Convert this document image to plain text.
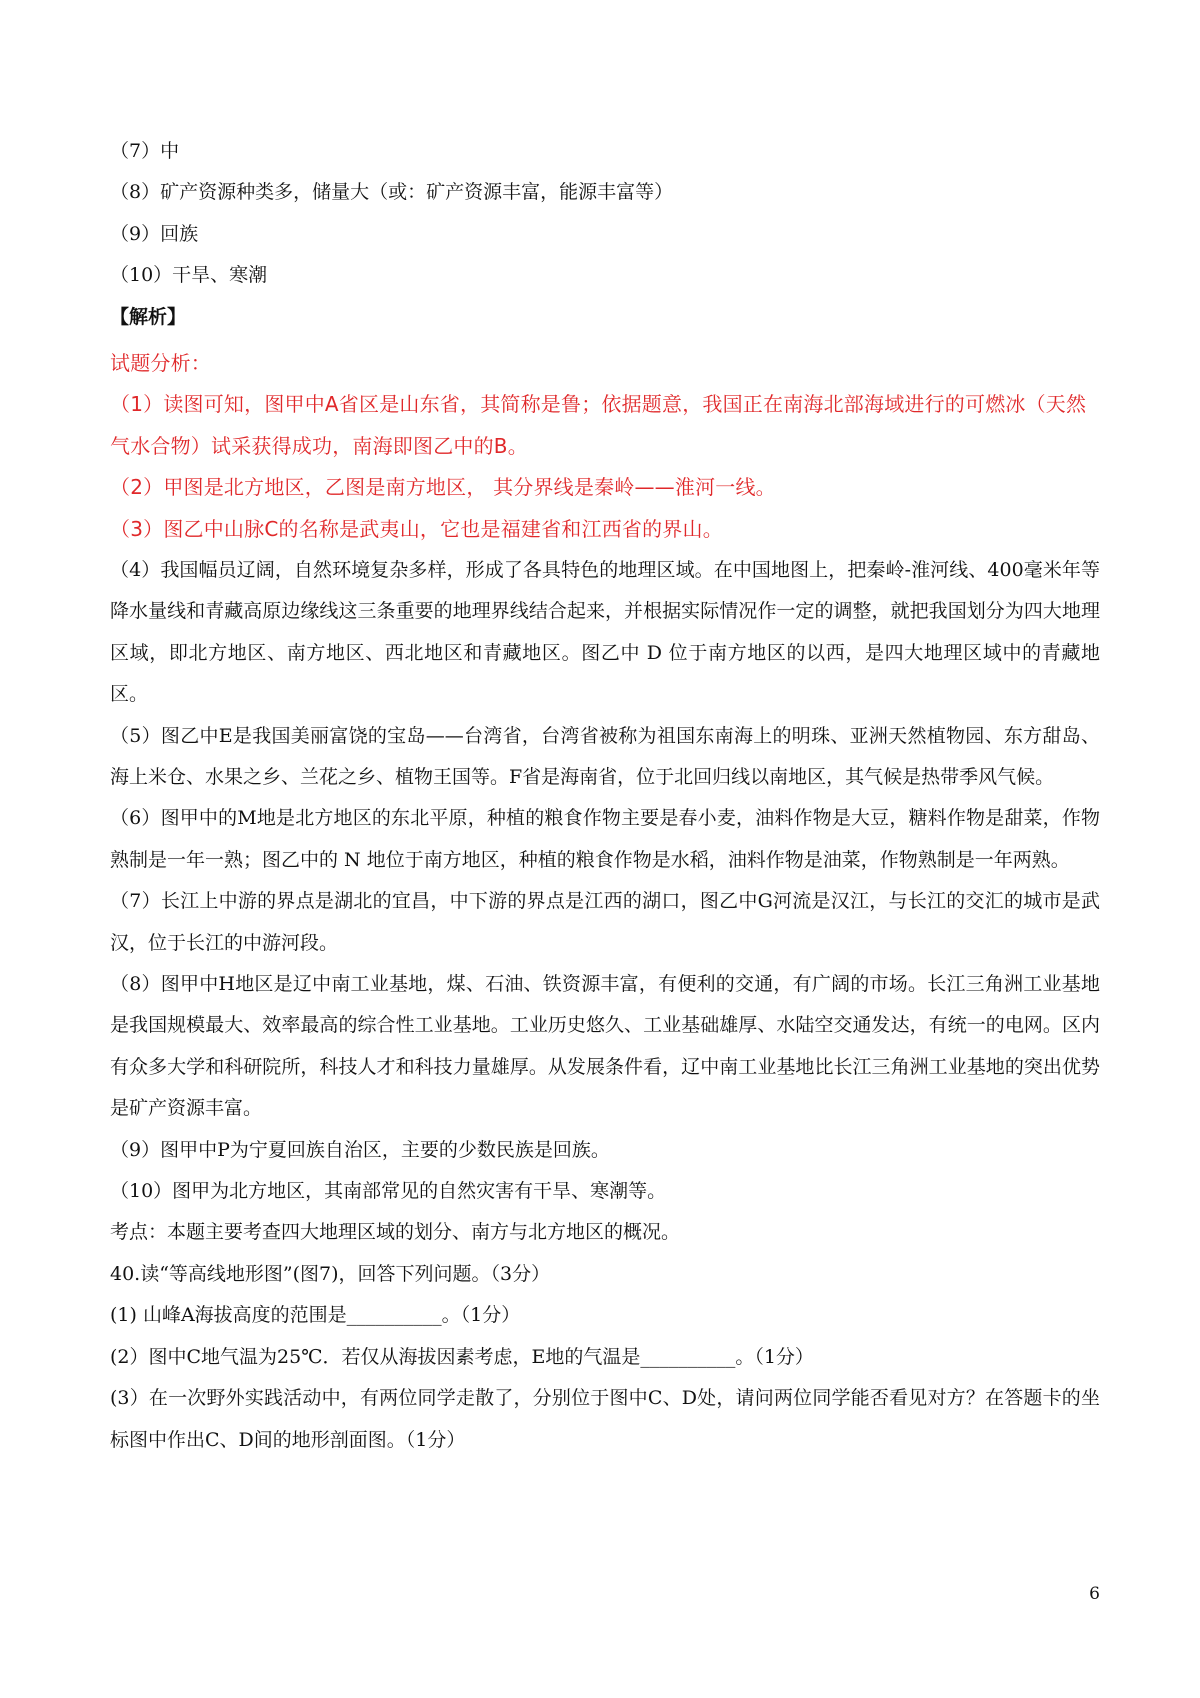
（7）中

（8）矿产资源种类多，储量大（或：矿产资源丰富，能源丰富等）

（9）回族

（10）干旱、寒潮

【解析】

试题分析：

（1）读图可知，图甲中A省区是山东省，其简称是鲁；依据题意，我国正在南海北部海域进行的可燃冰（天然气水合物）试采获得成功，南海即图乙中的B。

（2）甲图是北方地区，乙图是南方地区， 其分界线是秦岭——淮河一线。

（3）图乙中山脉C的名称是武夷山，它也是福建省和江西省的界山。

（4）我国幅员辽阔，自然环境复杂多样，形成了各具特色的地理区域。在中国地图上，把秦岭-淮河线、400毫米年等降水量线和青藏高原边缘线这三条重要的地理界线结合起来，并根据实际情况作一定的调整，就把我国划分为四大地理区域，即北方地区、南方地区、西北地区和青藏地区。图乙中 D 位于南方地区的以西，是四大地理区域中的青藏地区。

（5）图乙中E是我国美丽富饶的宝岛——台湾省，台湾省被称为祖国东南海上的明珠、亚洲天然植物园、东方甜岛、海上米仓、水果之乡、兰花之乡、植物王国等。F省是海南省，位于北回归线以南地区，其气候是热带季风气候。

（6）图甲中的M地是北方地区的东北平原，种植的粮食作物主要是春小麦，油料作物是大豆，糖料作物是甜菜，作物熟制是一年一熟；图乙中的 N 地位于南方地区，种植的粮食作物是水稻，油料作物是油菜，作物熟制是一年两熟。

（7）长江上中游的界点是湖北的宜昌，中下游的界点是江西的湖口，图乙中G河流是汉江，与长江的交汇的城市是武汉，位于长江的中游河段。

（8）图甲中H地区是辽中南工业基地，煤、石油、铁资源丰富，有便利的交通，有广阔的市场。长江三角洲工业基地是我国规模最大、效率最高的综合性工业基地。工业历史悠久、工业基础雄厚、水陆空交通发达，有统一的电网。区内有众多大学和科研院所，科技人才和科技力量雄厚。从发展条件看，辽中南工业基地比长江三角洲工业基地的突出优势是矿产资源丰富。

（9）图甲中P为宁夏回族自治区，主要的少数民族是回族。

（10）图甲为北方地区，其南部常见的自然灾害有干旱、寒潮等。

考点：本题主要考查四大地理区域的划分、南方与北方地区的概况。

40.读“等高线地形图”(图7)，回答下列问题。（3分）

(1) 山峰A海拔高度的范围是__________。（1分）

(2）图中C地气温为25℃．若仅从海拔因素考虑，E地的气温是__________。（1分）

(3）在一次野外实践活动中，有两位同学走散了，分别位于图中C、D处，请问两位同学能否看见对方？在答题卡的坐标图中作出C、D间的地形剖面图。（1分）

6
